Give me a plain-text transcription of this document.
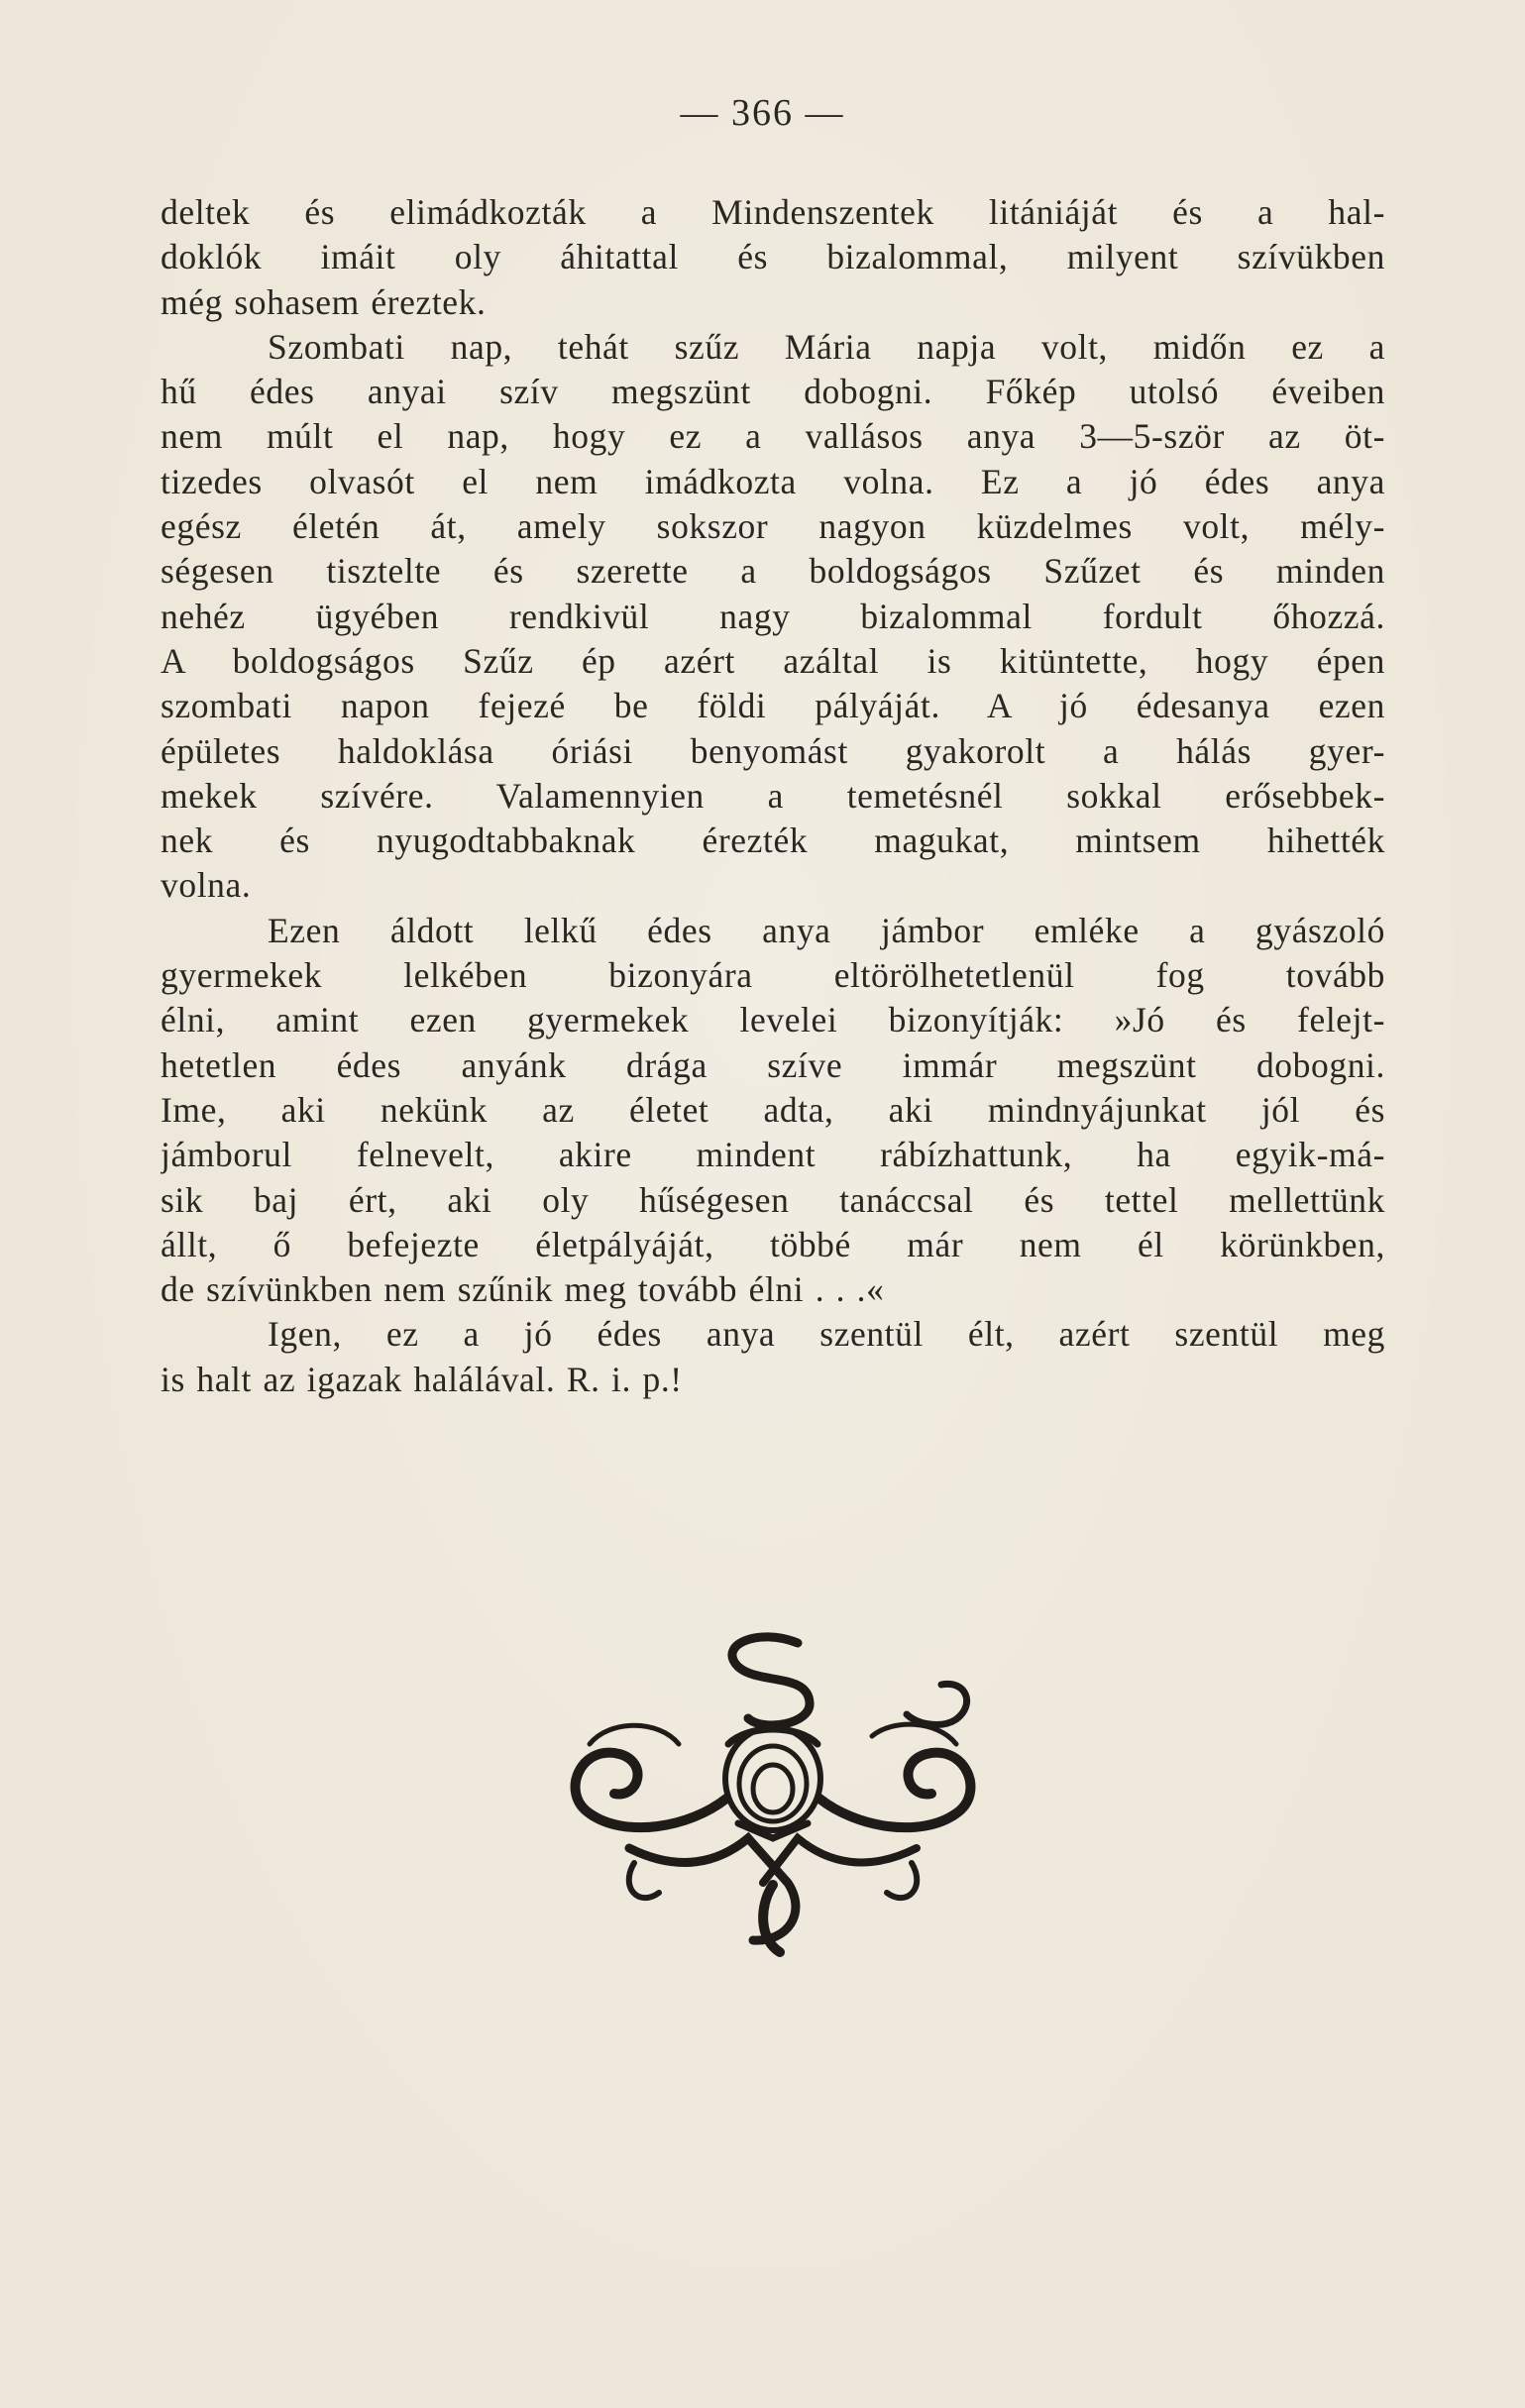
— 366 —
deltek és elimádkozták a Mindenszentek litániáját és a hal-
doklók imáit oly áhitattal és bizalommal, milyent szívükben
még sohasem éreztek.
Szombati nap, tehát szűz Mária napja volt, midőn ez a
hű édes anyai szív megszünt dobogni. Főkép utolsó éveiben
nem múlt el nap, hogy ez a vallásos anya 3—5-ször az öt-
tizedes olvasót el nem imádkozta volna. Ez a jó édes anya
egész életén át, amely sokszor nagyon küzdelmes volt, mély-
ségesen tisztelte és szerette a boldogságos Szűzet és minden
nehéz ügyében rendkivül nagy bizalommal fordult őhozzá.
A boldogságos Szűz ép azért azáltal is kitüntette, hogy épen
szombati napon fejezé be földi pályáját. A jó édesanya ezen
épületes haldoklása óriási benyomást gyakorolt a hálás gyer-
mekek szívére. Valamennyien a temetésnél sokkal erősebbek-
nek és nyugodtabbaknak érezték magukat, mintsem hihették
volna.
Ezen áldott lelkű édes anya jámbor emléke a gyászoló
gyermekek lelkében bizonyára eltörölhetetlenül fog tovább
élni, amint ezen gyermekek levelei bizonyítják: »Jó és felejt-
hetetlen édes anyánk drága szíve immár megszünt dobogni.
Ime, aki nekünk az életet adta, aki mindnyájunkat jól és
jámborul felnevelt, akire mindent rábízhattunk, ha egyik-má-
sik baj ért, aki oly hűségesen tanáccsal és tettel mellettünk
állt, ő befejezte életpályáját, többé már nem él körünkben,
de szívünkben nem szűnik meg tovább élni . . .«
Igen, ez a jó édes anya szentül élt, azért szentül meg
is halt az igazak halálával. R. i. p.!
